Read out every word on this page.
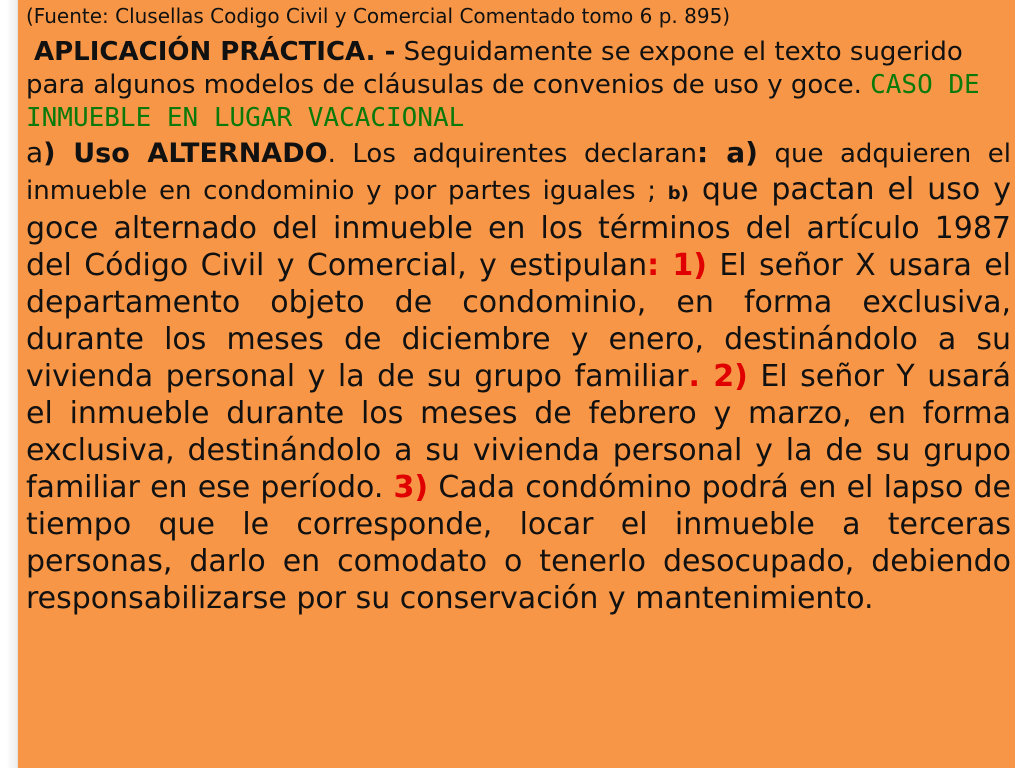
(Fuente: Clusellas Codigo Civil y Comercial Comentado tomo 6 p. 895)

APLICACIÓN PRÁCTICA. - Seguidamente se expone el texto sugerido para algunos modelos de cláusulas de convenios de uso y goce. CASO DE INMUEBLE EN LUGAR VACACIONAL

a) Uso ALTERNADO. Los adquirentes declaran: a) que adquieren el inmueble en condominio y por partes iguales ; b) que pactan el uso y goce alternado del inmueble en los términos del artículo 1987 del Código Civil y Comercial, y estipulan: 1) El señor X usara el departamento objeto de condominio, en forma exclusiva, durante los meses de diciembre y enero, destinándolo a su vivienda personal y la de su grupo familiar. 2) El señor Y usará el inmueble durante los meses de febrero y marzo, en forma exclusiva, destinándolo a su vivienda personal y la de su grupo familiar en ese período. 3) Cada condómino podrá en el lapso de tiempo que le corresponde, locar el inmueble a terceras personas, darlo en comodato o tenerlo desocupado, debiendo responsabilizarse por su conservación y mantenimiento.
